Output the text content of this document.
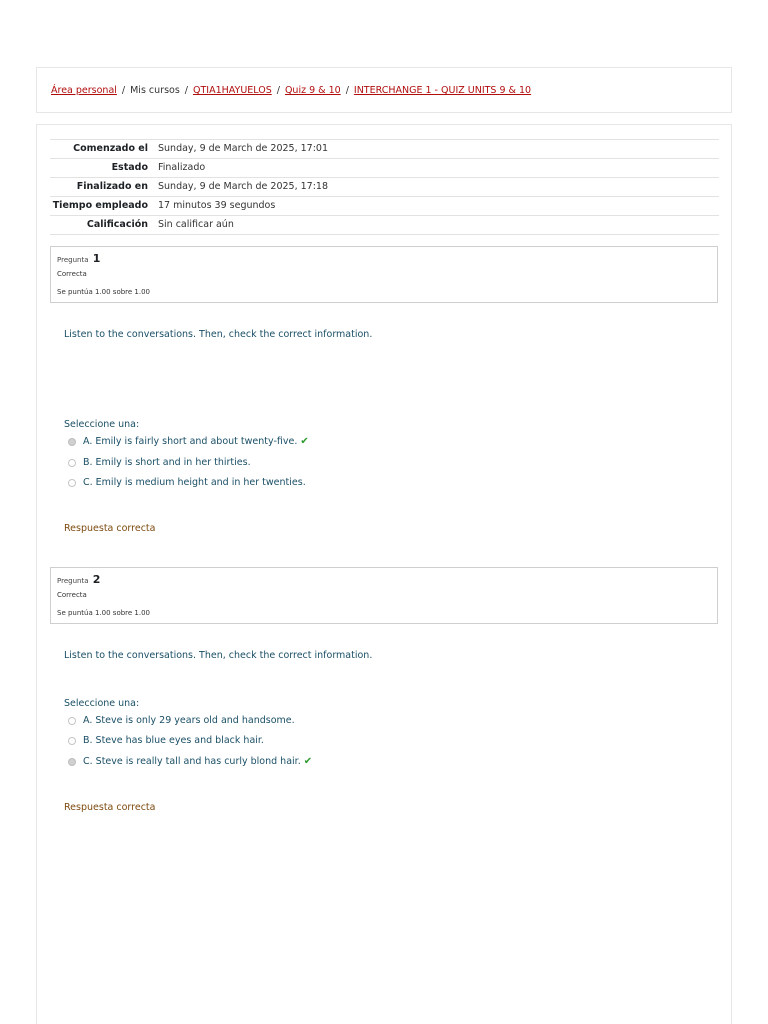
Área personal / Mis cursos / QTIA1HAYUELOS / Quiz 9 & 10 / INTERCHANGE 1 - QUIZ UNITS 9 & 10
Comenzado el	Sunday, 9 de March de 2025, 17:01
Estado	Finalizado
Finalizado en	Sunday, 9 de March de 2025, 17:18
Tiempo empleado	17 minutos 39 segundos
Calificación	Sin calificar aún
Pregunta 1
Correcta
Se puntúa 1.00 sobre 1.00
Listen to the conversations. Then, check the correct information.
Seleccione una:
A. Emily is fairly short and about twenty-five. ✔
B. Emily is short and in her thirties.
C. Emily is medium height and in her twenties.
Respuesta correcta
Pregunta 2
Correcta
Se puntúa 1.00 sobre 1.00
Listen to the conversations. Then, check the correct information.
Seleccione una:
A. Steve is only 29 years old and handsome.
B. Steve has blue eyes and black hair.
C. Steve is really tall and has curly blond hair. ✔
Respuesta correcta
